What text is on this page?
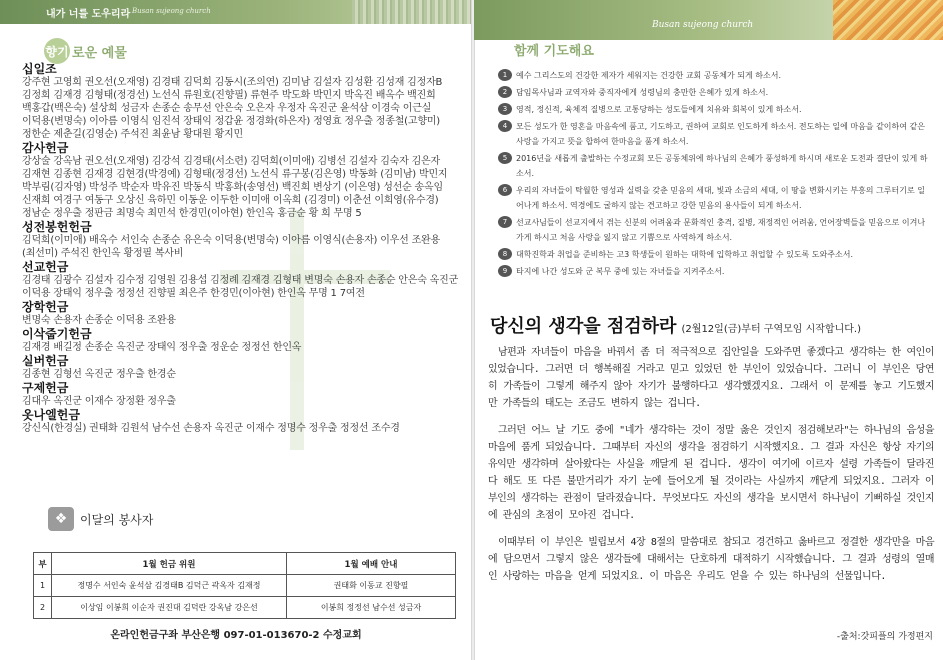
내가 너를 도우리라 Busan sujeong church
향기 로운 예물
십일조
강주현 고영희 권오선(오재영) 김경태 김덕희 김동시(조의연) 김미남 김설자 김성환 김성재 김정자B 김정희 김재경 김형태(정경선) 노선식 류원호(진향필) 류현주 박도화 박민지 박옥진 배옥수 백진희 백홍갑(백은숙) 설상희 성금자 손종순 송무선 안은숙 오은자 우정자 옥진군 윤석삼 이경숙 이근실 이덕용(변명숙) 이아름 이영식 임진석 장태익 정갑윤 정경화(하은자) 정영효 정우출 정종철(고향미) 정한순 제춘길(김영순) 주석진 최윤남 황대원 황지민
감사헌금
강상술 강옥남 권오선(오재영) 김강석 김경태(서소련) 김덕희(이미애) 김병선 김설자 김숙자 김은자 김재현 김종현 김재경 김현경(박경예) 김형태(정경선) 노선식 류구봉(김은영) 박동화 (김미남) 박민지 박부림(김자영) 박성주 박순자 박유진 박동식 박홍화(송영선) 백진희 변상기 (이은영) 성선순 송옥임 신재희 여경구 여동구 오상신 육하민 이동운 이두한 이미애 이옥희 (김경미) 이춘선 이희영(유수경) 정남순 정우출 정판금 최명숙 최민석 한경민(이아현) 한인옥 홍금순 황 희 무명 5
성전봉헌헌금
김덕희(이미애) 배옥수 서인숙 손종순 유은숙 이덕용(변명숙) 이아름 이영식(손용자) 이우선 조완용(최선미) 주석진 한인옥 황정필 복사비
선교헌금
김경태 김광수 김설자 김수정 김영원 김용섭 김정례 김재경 김형태 변명숙 손용자 손종순 안은숙 옥진군 이덕용 장태익 정우출 정정선 진향필 최은주 한경민(이아현) 한인옥 무명 1 7여전
장학헌금
변명숙 손용자 손종순 이덕용 조완용
이삭줍기헌금
김재경 배길정 손종순 옥진군 장태익 정우출 정운순 정정선 한인옥
실버헌금
김종현 김형선 옥진군 정우출 한경순
구제헌금
김대우 옥진군 이재수 장정환 정우출
옷나엘헌금
강신식(한경실) 권태화 김원석 남수선 손용자 옥진군 이재수 정명수 정우출 정정선 조수경
❖	이달의 봉사자
부	1월 헌금 위원	1월 예배 안내
1	정명수 서인숙 윤석삼 김경태B 김덕근 곽옥자 김재정	권태화 이동교 진향필
2	이상임 이봉희 이순자 권진대 김덕란 강옥남 강은선	이봉희 정정선 남수선 성금자
온라인헌금구좌 부산은행 097-01-013670-2 수정교회
Busan sujeong church
함께 기도해요
1	예수 그리스도의 건강한 제자가 세워지는 건강한 교회 공동체가 되게 하소서.
2	담임목사님과 교역자와 중직자에게 성령님의 충만한 은혜가 있게 하소서.
3	영적, 정신적, 육체적 질병으로 고통당하는 성도들에게 치유와 회복이 있게 하소서.
4	모든 성도가 한 영혼을 마음속에 품고, 기도하고, 권하여 교회로 인도하게 하소서. 전도하는 일에 마음을 같이하여 같은 사랑을 가지고 뜻을 합하여 한마음을 품게 하소서.
5	2016년을 새롭게 출발하는 수정교회 모든 공동체위에 하나님의 은혜가 풍성하게 하시며 새로운 도전과 결단이 있게 하소서.
6	우리의 자녀들이 탁월한 영성과 실력을 갖춘 믿음의 세대, 빛과 소금의 세대, 이 땅을 변화시키는 부흥의 그루터기로 일어나게 하소서. 역경에도 굴하지 않는 견고하고 강한 믿음의 용사들이 되게 하소서.
7	선교사님들이 선교지에서 겪는 신분의 어려움과 문화적인 충격, 질병, 재정적인 어려움, 언어장벽들을 믿음으로 이겨나가게 하시고 처음 사랑을 잃지 않고 기쁨으로 사역하게 하소서.
8	대학진학과 취업을 준비하는 고3 학생들이 원하는 대학에 입학하고 취업할 수 있도록 도와주소서.
9	타지에 나간 성도와 군 복무 중에 있는 자녀들을 지켜주소서.
당신의 생각을 점검하라 (2월12일(금)부터 구역모임 시작합니다.)

남편과 자녀들이 마음을 바꿔서 좀 더 적극적으로 집안일을 도와주면 좋겠다고 생각하는 한 여인이 있었습니다. 그러면 더 행복해질 거라고 믿고 있었던 한 부인이 있었습니다. 그러니 이 부인은 당연히 가족들이 그렇게 해주지 않아 자기가 불행하다고 생각했겠지요. 그래서 이 문제를 놓고 기도했지만 가족들의 태도는 조금도 변하지 않는 겁니다.

그러던 어느 날 기도 중에 "네가 생각하는 것이 정말 옳은 것인지 점검해보라"는 하나님의 음성을 마음에 품게 되었습니다. 그때부터 자신의 생각을 점검하기 시작했지요. 그 결과 자신은 항상 자기의 유익만 생각하며 살아왔다는 사실을 깨달게 된 겁니다. 생각이 여기에 이르자 설령 가족들이 달라진다 해도 또 다른 불만거리가 자기 눈에 들어오게 될 것이라는 사실까지 깨닫게 되었지요. 그러자 이 부인의 생각하는 관점이 달라졌습니다. 무엇보다도 자신의 생각을 보시면서 하나님이 기뻐하실 것인지에 관심의 초점이 모아진 겁니다.

이때부터 이 부인은 빌립보서 4장 8절의 말씀대로 참되고 경건하고 옳바르고 정결한 생각만을 마음에 담으면서 그렇지 않은 생각들에 대해서는 단호하게 대적하기 시작했습니다. 그 결과 성령의 열매인 사랑하는 마음을 얻게 되었지요. 이 마음은 우리도 얻을 수 있는 하나님의 선물입니다.

-출처:갓피플의 가정편지
